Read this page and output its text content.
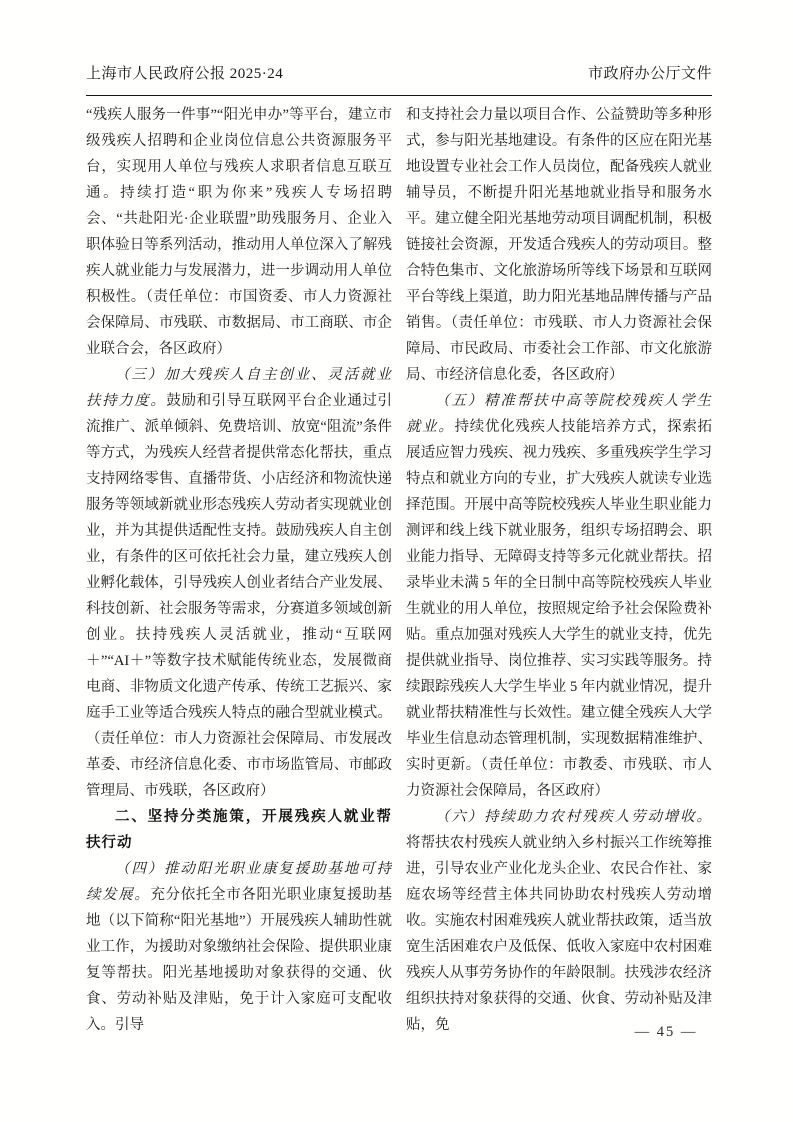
上海市人民政府公报 2025·24	市政府办公厅文件

“残疾人服务一件事”“阳光申办”等平台，建立市级残疾人招聘和企业岗位信息公共资源服务平台，实现用人单位与残疾人求职者信息互联互通。持续打造“职为你来”残疾人专场招聘会、“共赴阳光·企业联盟”助残服务月、企业入职体验日等系列活动，推动用人单位深入了解残疾人就业能力与发展潜力，进一步调动用人单位积极性。（责任单位：市国资委、市人力资源社会保障局、市残联、市数据局、市工商联、市企业联合会，各区政府）

（三）加大残疾人自主创业、灵活就业扶持力度。鼓励和引导互联网平台企业通过引流推广、派单倾斜、免费培训、放宽“阻流”条件等方式，为残疾人经营者提供常态化帮扶，重点支持网络零售、直播带货、小店经济和物流快递服务等领域新就业形态残疾人劳动者实现就业创业，并为其提供适配性支持。鼓励残疾人自主创业，有条件的区可依托社会力量，建立残疾人创业孵化载体，引导残疾人创业者结合产业发展、科技创新、社会服务等需求，分赛道多领域创新创业。扶持残疾人灵活就业，推动“互联网＋”“AI＋”等数字技术赋能传统业态，发展微商电商、非物质文化遗产传承、传统工艺振兴、家庭手工业等适合残疾人特点的融合型就业模式。（责任单位：市人力资源社会保障局、市发展改革委、市经济信息化委、市市场监管局、市邮政管理局、市残联，各区政府）

二、坚持分类施策，开展残疾人就业帮扶行动

（四）推动阳光职业康复援助基地可持续发展。充分依托全市各阳光职业康复援助基地（以下简称“阳光基地”）开展残疾人辅助性就业工作，为援助对象缴纳社会保险、提供职业康复等帮扶。阳光基地援助对象获得的交通、伙食、劳动补贴及津贴，免于计入家庭可支配收入。引导

和支持社会力量以项目合作、公益赞助等多种形式，参与阳光基地建设。有条件的区应在阳光基地设置专业社会工作人员岗位，配备残疾人就业辅导员，不断提升阳光基地就业指导和服务水平。建立健全阳光基地劳动项目调配机制，积极链接社会资源，开发适合残疾人的劳动项目。整合特色集市、文化旅游场所等线下场景和互联网平台等线上渠道，助力阳光基地品牌传播与产品销售。（责任单位：市残联、市人力资源社会保障局、市民政局、市委社会工作部、市文化旅游局、市经济信息化委，各区政府）

（五）精准帮扶中高等院校残疾人学生就业。持续优化残疾人技能培养方式，探索拓展适应智力残疾、视力残疾、多重残疾学生学习特点和就业方向的专业，扩大残疾人就读专业选择范围。开展中高等院校残疾人毕业生职业能力测评和线上线下就业服务，组织专场招聘会、职业能力指导、无障碍支持等多元化就业帮扶。招录毕业未满 5 年的全日制中高等院校残疾人毕业生就业的用人单位，按照规定给予社会保险费补贴。重点加强对残疾人大学生的就业支持，优先提供就业指导、岗位推荐、实习实践等服务。持续跟踪残疾人大学生毕业 5 年内就业情况，提升就业帮扶精准性与长效性。建立健全残疾人大学毕业生信息动态管理机制，实现数据精准维护、实时更新。（责任单位：市教委、市残联、市人力资源社会保障局，各区政府）

（六）持续助力农村残疾人劳动增收。将帮扶农村残疾人就业纳入乡村振兴工作统筹推进，引导农业产业化龙头企业、农民合作社、家庭农场等经营主体共同协助农村残疾人劳动增收。实施农村困难残疾人就业帮扶政策，适当放宽生活困难农户及低保、低收入家庭中农村困难残疾人从事劳务协作的年龄限制。扶残涉农经济组织扶持对象获得的交通、伙食、劳动补贴及津贴，免	— 45 —
